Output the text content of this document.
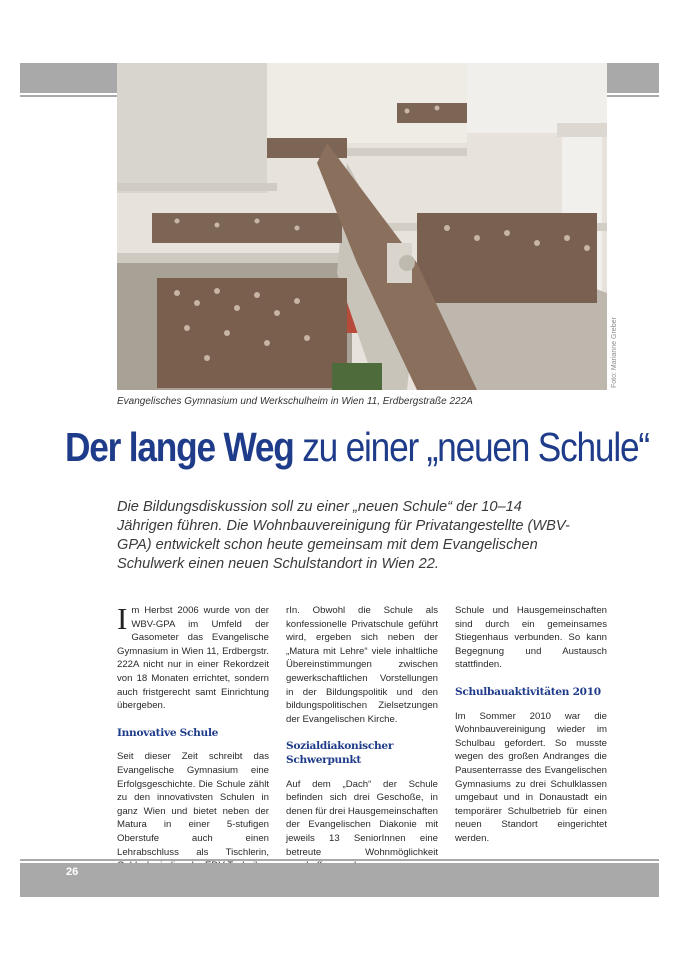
Foto: Marianne Greber
Evangelisches Gymnasium und Werkschulheim in Wien 11, Erdbergstraße 222A
Der lange Weg zu einer „neuen Schule“
Die Bildungsdiskussion soll zu einer „neuen Schule“ der 10–14 Jährigen führen. Die Wohnbauvereinigung für Privatangestellte (WBV-GPA) entwickelt schon heute gemeinsam mit dem Evangelischen Schulwerk einen neuen Schulstandort in Wien 22.

Im Herbst 2006 wurde von der WBV-GPA im Umfeld der Gasometer das Evangelische Gymnasium in Wien 11, Erdbergstr. 222A nicht nur in einer Rekordzeit von 18 Monaten errichtet, sondern auch fristgerecht samt Einrichtung übergeben.

Innovative Schule

Seit dieser Zeit schreibt das Evangelische Gymnasium eine Erfolgsgeschichte. Die Schule zählt zu den innovativsten Schulen in ganz Wien und bietet neben der Matura in einer 5-stufigen Oberstufe auch einen Lehrabschluss als Tischlerin,

rIn. Obwohl die Schule als konfessionelle Privatschule geführt wird, ergeben sich neben der „Matura mit Lehre“ viele inhaltliche Übereinstimmungen zwischen gewerkschaftlichen Vorstellungen in der Bildungspolitik und den bildungspolitischen Zielsetzungen der Evangelischen Kirche.

Sozialdiakonischer Schwerpunkt

Auf dem „Dach“ der Schule befinden sich drei Geschoße, in denen für drei Hausgemeinschaften der Evangelischen Diakonie mit jeweils 13 SeniorInnen eine betreute Wohnmöglichkeit

Schule und Hausgemeinschaften sind durch ein gemeinsames Stiegenhaus verbunden. So kann Begegnung und Austausch stattfinden.

Schulbauaktivitäten 2010

Im Sommer 2010 war die Wohnbauvereinigung wieder im Schulbau gefordert. So musste wegen des großen Andranges die Pausenterrasse des Evangelischen Gymnasiums zu drei Schulklassen umgebaut und in Donaustadt ein temporärer Schulbetrieb für einen neuen Standort eingerichtet werden.

26
